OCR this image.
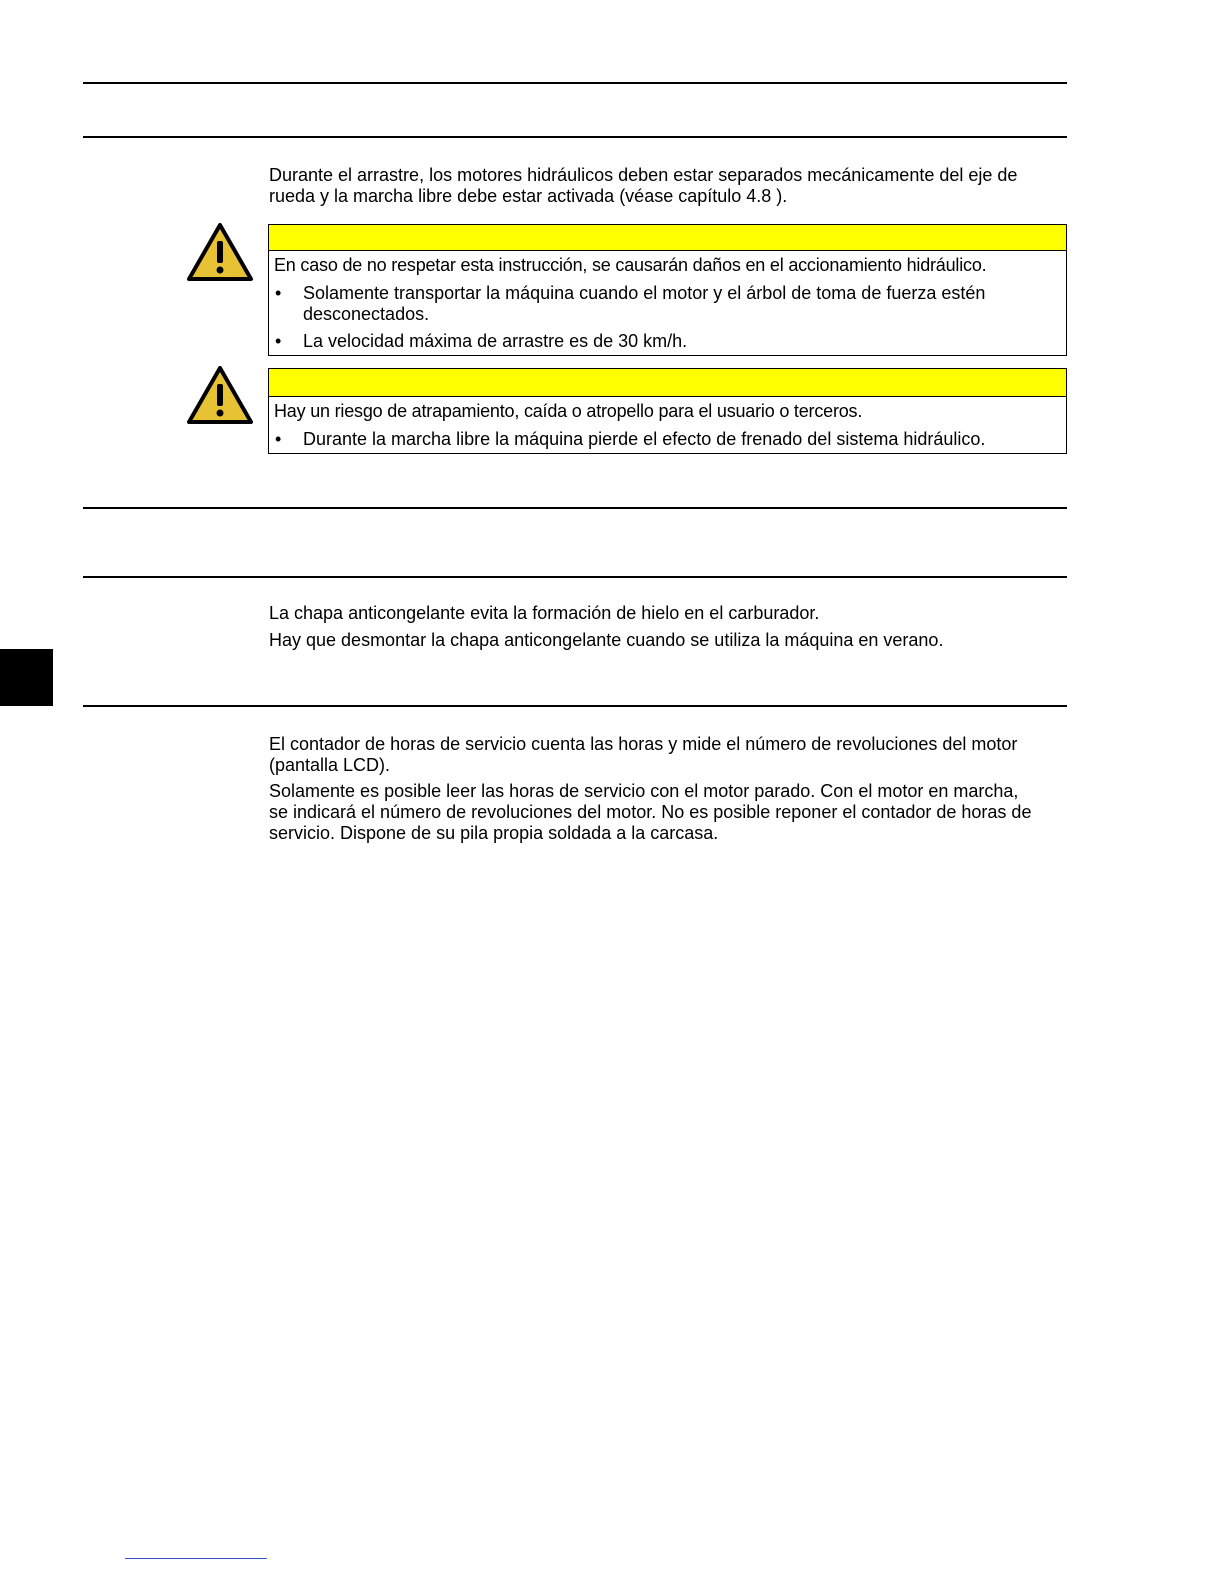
Durante el arrastre, los motores hidráulicos deben estar separados mecánicamente del eje de rueda y la marcha libre debe estar activada (véase capítulo 4.8 ).

En caso de no respetar esta instrucción, se causarán daños en el accionamiento hidráulico.
• Solamente transportar la máquina cuando el motor y el árbol de toma de fuerza estén desconectados.
• La velocidad máxima de arrastre es de 30 km/h.
Hay un riesgo de atrapamiento, caída o atropello para el usuario o terceros.
• Durante la marcha libre la máquina pierde el efecto de frenado del sistema hidráulico.

La chapa anticongelante evita la formación de hielo en el carburador.

Hay que desmontar la chapa anticongelante cuando se utiliza la máquina en verano.

El contador de horas de servicio cuenta las horas y mide el número de revoluciones del motor (pantalla LCD).

Solamente es posible leer las horas de servicio con el motor parado. Con el motor en marcha, se indicará el número de revoluciones del motor. No es posible reponer el contador de horas de servicio. Dispone de su pila propia soldada a la carcasa.
